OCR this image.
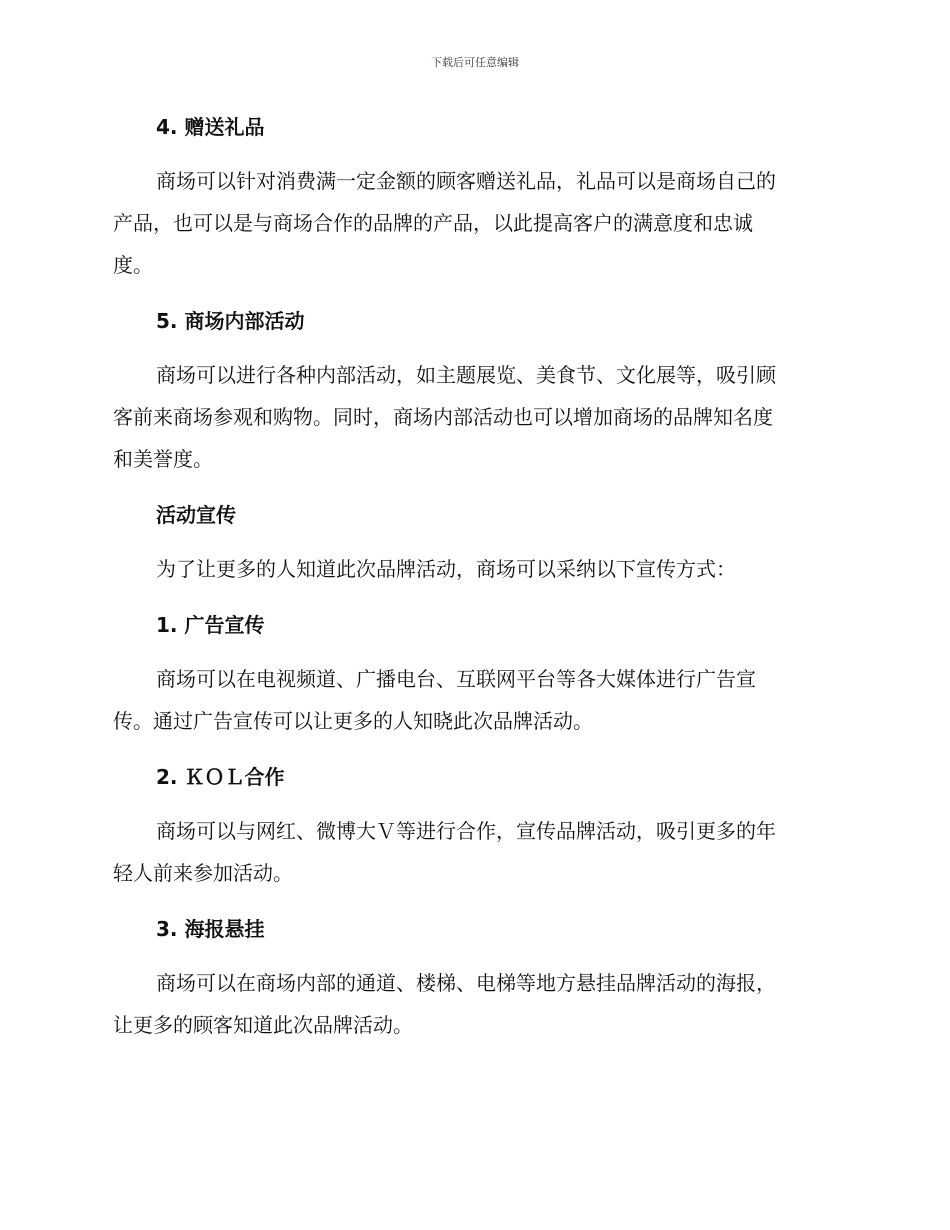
下载后可任意编辑

4. 赠送礼品

商场可以针对消费满一定金额的顾客赠送礼品，礼品可以是商场自己的
产品，也可以是与商场合作的品牌的产品，以此提高客户的满意度和忠诚
度。

5. 商场内部活动

商场可以进行各种内部活动，如主题展览、美食节、文化展等，吸引顾
客前来商场参观和购物。同时，商场内部活动也可以增加商场的品牌知名度
和美誉度。

活动宣传

为了让更多的人知道此次品牌活动，商场可以采纳以下宣传方式：

1. 广告宣传

商场可以在电视频道、广播电台、互联网平台等各大媒体进行广告宣
传。通过广告宣传可以让更多的人知晓此次品牌活动。

2. ＫＯＬ合作

商场可以与网红、微博大Ｖ等进行合作，宣传品牌活动，吸引更多的年
轻人前来参加活动。

3. 海报悬挂

商场可以在商场内部的通道、楼梯、电梯等地方悬挂品牌活动的海报，
让更多的顾客知道此次品牌活动。
